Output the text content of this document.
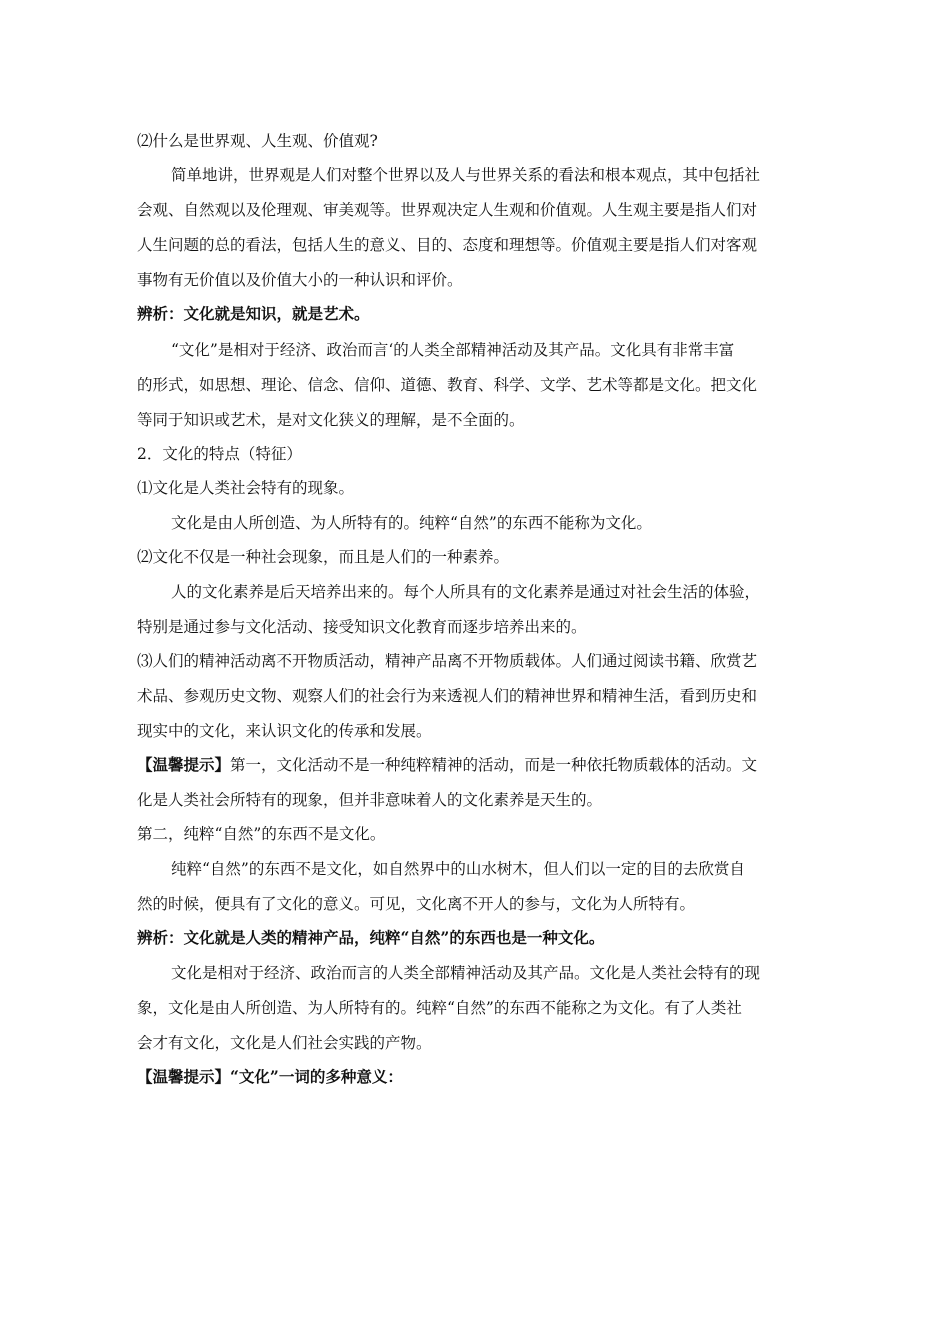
⑵什么是世界观、人生观、价值观?
简单地讲，世界观是人们对整个世界以及人与世界关系的看法和根本观点，其中包括社
会观、自然观以及伦理观、审美观等。世界观决定人生观和价值观。人生观主要是指人们对
人生问题的总的看法，包括人生的意义、目的、态度和理想等。价值观主要是指人们对客观
事物有无价值以及价值大小的一种认识和评价。
辨析：文化就是知识，就是艺术。
“文化”是相对于经济、政治而言‘的人类全部精神活动及其产品。文化具有非常丰富
的形式，如思想、理论、信念、信仰、道德、教育、科学、文学、艺术等都是文化。把文化
等同于知识或艺术，是对文化狭义的理解，是不全面的。
2．文化的特点（特征）
⑴文化是人类社会特有的现象。
文化是由人所创造、为人所特有的。纯粹“自然”的东西不能称为文化。
⑵文化不仅是一种社会现象，而且是人们的一种素养。
人的文化素养是后天培养出来的。每个人所具有的文化素养是通过对社会生活的体验，
特别是通过参与文化活动、接受知识文化教育而逐步培养出来的。
⑶人们的精神活动离不开物质活动，精神产品离不开物质载体。人们通过阅读书籍、欣赏艺
术品、参观历史文物、观察人们的社会行为来透视人们的精神世界和精神生活，看到历史和
现实中的文化，来认识文化的传承和发展。
【温馨提示】第一，文化活动不是一种纯粹精神的活动，而是一种依托物质载体的活动。文
化是人类社会所特有的现象，但并非意味着人的文化素养是天生的。
第二，纯粹“自然”的东西不是文化。
纯粹“自然”的东西不是文化，如自然界中的山水树木，但人们以一定的目的去欣赏自
然的时候，便具有了文化的意义。可见，文化离不开人的参与，文化为人所特有。
辨析：文化就是人类的精神产品，纯粹“自然”的东西也是一种文化。
文化是相对于经济、政治而言的人类全部精神活动及其产品。文化是人类社会特有的现
象，文化是由人所创造、为人所特有的。纯粹“自然”的东西不能称之为文化。有了人类社
会才有文化，文化是人们社会实践的产物。
【温馨提示】“文化”一词的多种意义：
